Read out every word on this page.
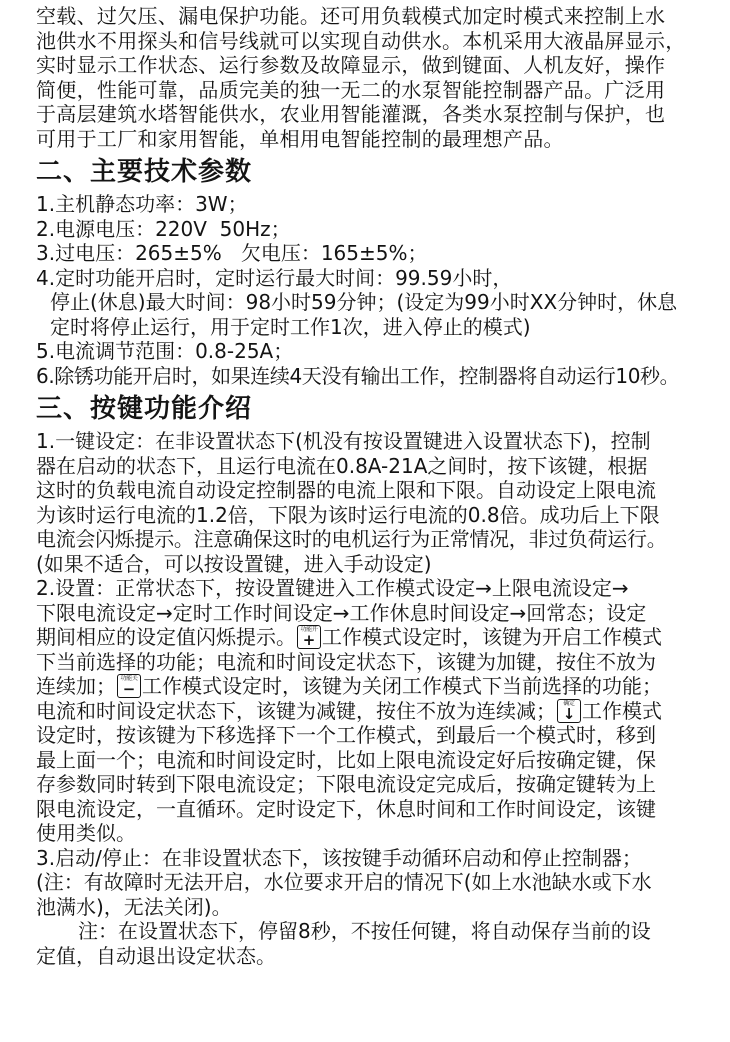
空载、过欠压、漏电保护功能。还可用负载模式加定时模式来控制上水

池供水不用探头和信号线就可以实现自动供水。本机采用大液晶屏显示，

实时显示工作状态、运行参数及故障显示，做到键面、人机友好，操作

简便，性能可靠，品质完美的独一无二的水泵智能控制器产品。广泛用

于高层建筑水塔智能供水，农业用智能灌溉，各类水泵控制与保护，也

可用于工厂和家用智能，单相用电智能控制的最理想产品。

二、主要技术参数

1.主机静态功率：3W；

2.电源电压：220V  50Hz；

3.过电压：265±5%   欠电压：165±5%；

4.定时功能开启时，定时运行最大时间：99.59小时，

停止(休息)最大时间：98小时59分钟；(设定为99小时XX分钟时，休息

定时将停止运行，用于定时工作1次，进入停止的模式)

5.电流调节范围：0.8-25A；

6.除锈功能开启时，如果连续4天没有输出工作，控制器将自动运行10秒。

三、按键功能介绍

1.一键设定：在非设置状态下(机没有按设置键进入设置状态下)，控制

器在启动的状态下，且运行电流在0.8A-21A之间时，按下该键，根据

这时的负载电流自动设定控制器的电流上限和下限。自动设定上限电流

为该时运行电流的1.2倍，下限为该时运行电流的0.8倍。成功后上下限

电流会闪烁提示。注意确保这时的电机运行为正常情况，非过负荷运行。

(如果不适合，可以按设置键，进入手动设定)

2.设置：正常状态下，按设置键进入工作模式设定→上限电流设定→

下限电流设定→定时工作时间设定→工作休息时间设定→回常态；设定

期间相应的设定值闪烁提示。 功能开
+ 工作模式设定时，该键为开启工作模式

下当前选择的功能；电流和时间设定状态下，该键为加键，按住不放为

连续加； 功能关
− 工作模式设定时，该键为关闭工作模式下当前选择的功能；

电流和时间设定状态下，该键为减键，按住不放为连续减；	确定
↓ 工作模式

设定时，按该键为下移选择下一个工作模式，到最后一个模式时，移到

最上面一个；电流和时间设定时，比如上限电流设定好后按确定键，保

存参数同时转到下限电流设定；下限电流设定完成后，按确定键转为上

限电流设定，一直循环。定时设定下，休息时间和工作时间设定，该键

使用类似。

3.启动/停止：在非设置状态下，该按键手动循环启动和停止控制器；

(注：有故障时无法开启，水位要求开启的情况下(如上水池缺水或下水

池满水)，无法关闭)。

注：在设置状态下，停留8秒，不按任何键，将自动保存当前的设

定值，自动退出设定状态。
